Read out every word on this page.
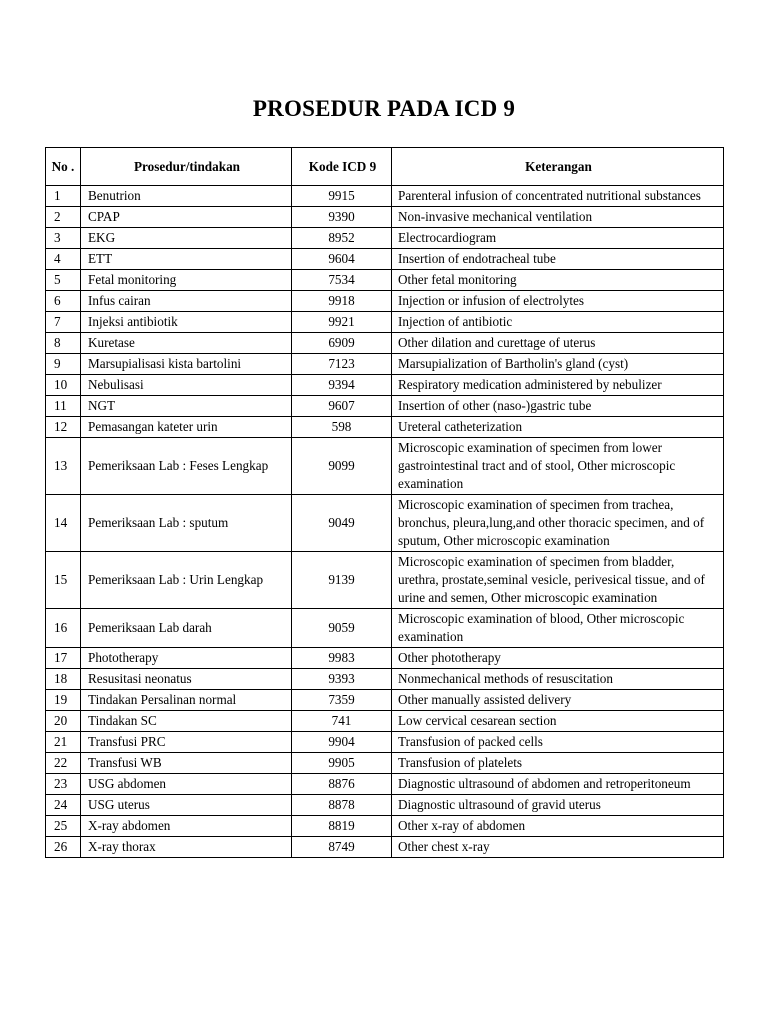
PROSEDUR PADA ICD 9
No .	Prosedur/tindakan	Kode ICD 9	Keterangan
1	Benutrion	9915	Parenteral infusion of concentrated nutritional substances
2	CPAP	9390	Non-invasive mechanical ventilation
3	EKG	8952	Electrocardiogram
4	ETT	9604	Insertion of endotracheal tube
5	Fetal monitoring	7534	Other fetal monitoring
6	Infus cairan	9918	Injection or infusion of electrolytes
7	Injeksi antibiotik	9921	Injection of antibiotic
8	Kuretase	6909	Other dilation and curettage of uterus
9	Marsupialisasi kista bartolini	7123	Marsupialization of Bartholin's gland (cyst)
10	Nebulisasi	9394	Respiratory medication administered by nebulizer
11	NGT	9607	Insertion of other (naso-)gastric tube
12	Pemasangan kateter urin	598	Ureteral catheterization
13	Pemeriksaan Lab : Feses Lengkap	9099	Microscopic examination of specimen from lower gastrointestinal tract and of stool, Other microscopic examination
14	Pemeriksaan Lab : sputum	9049	Microscopic examination of specimen from trachea, bronchus, pleura,lung,and other thoracic specimen, and of sputum, Other microscopic examination
15	Pemeriksaan Lab : Urin Lengkap	9139	Microscopic examination of specimen from bladder, urethra, prostate,seminal vesicle, perivesical tissue, and of urine and semen, Other microscopic examination
16	Pemeriksaan Lab darah	9059	Microscopic examination of blood, Other microscopic examination
17	Phototherapy	9983	Other phototherapy
18	Resusitasi neonatus	9393	Nonmechanical methods of resuscitation
19	Tindakan Persalinan normal	7359	Other manually assisted delivery
20	Tindakan SC	741	Low cervical cesarean section
21	Transfusi PRC	9904	Transfusion of packed cells
22	Transfusi WB	9905	Transfusion of platelets
23	USG abdomen	8876	Diagnostic ultrasound of abdomen and retroperitoneum
24	USG uterus	8878	Diagnostic ultrasound of gravid uterus
25	X-ray abdomen	8819	Other x-ray of abdomen
26	X-ray thorax	8749	Other chest x-ray
